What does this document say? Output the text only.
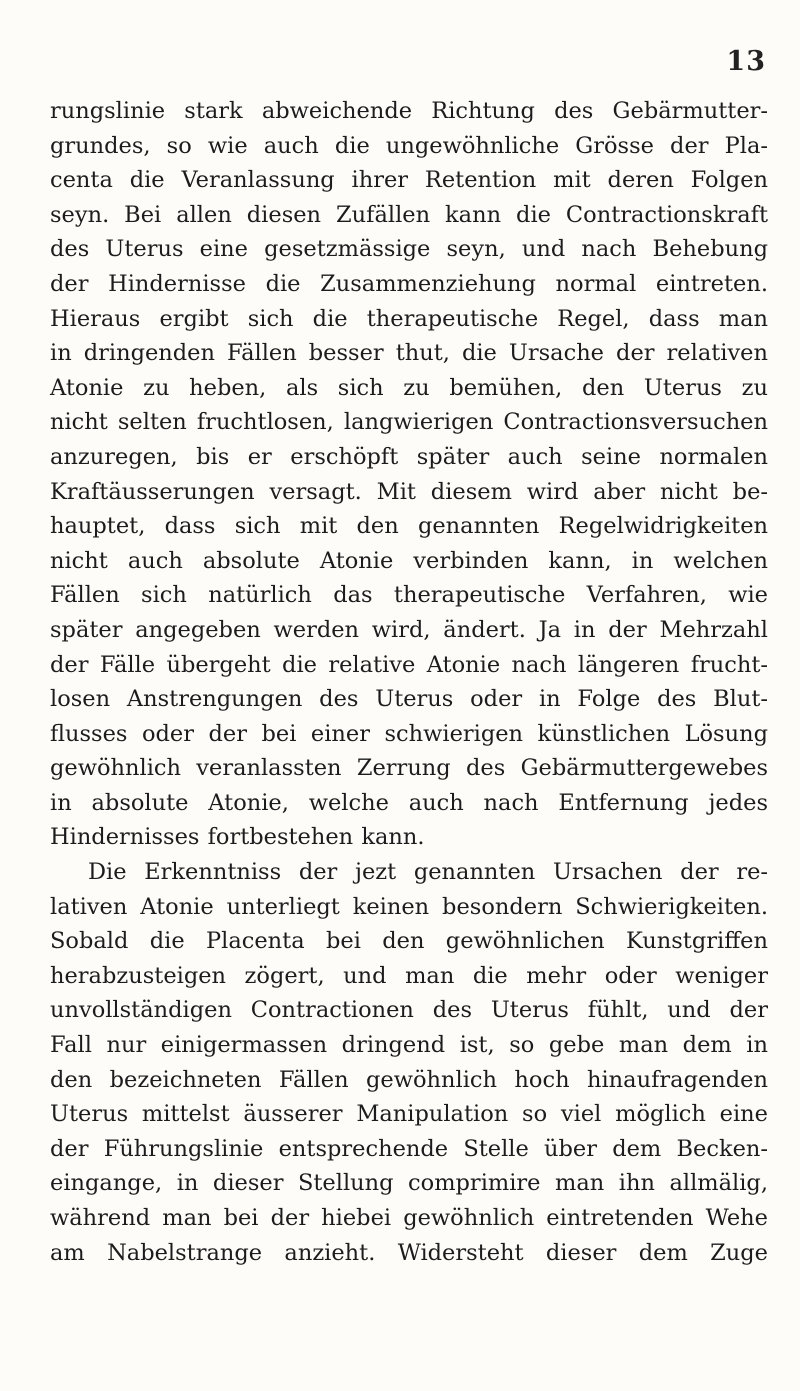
13
rungslinie stark abweichende Richtung des Gebärmutter-
grundes, so wie auch die ungewöhnliche Grösse der Pla-
centa die Veranlassung ihrer Retention mit deren Folgen
seyn. Bei allen diesen Zufällen kann die Contractionskraft
des Uterus eine gesetzmässige seyn, und nach Behebung
der Hindernisse die Zusammenziehung normal eintreten.
Hieraus ergibt sich die therapeutische Regel, dass man
in dringenden Fällen besser thut, die Ursache der relativen
Atonie zu heben, als sich zu bemühen, den Uterus zu
nicht selten fruchtlosen, langwierigen Contractionsversuchen
anzuregen, bis er erschöpft später auch seine normalen
Kraftäusserungen versagt. Mit diesem wird aber nicht be-
hauptet, dass sich mit den genannten Regelwidrigkeiten
nicht auch absolute Atonie verbinden kann, in welchen
Fällen sich natürlich das therapeutische Verfahren, wie
später angegeben werden wird, ändert. Ja in der Mehrzahl
der Fälle übergeht die relative Atonie nach längeren frucht-
losen Anstrengungen des Uterus oder in Folge des Blut-
flusses oder der bei einer schwierigen künstlichen Lösung
gewöhnlich veranlassten Zerrung des Gebärmuttergewebes
in absolute Atonie, welche auch nach Entfernung jedes
Hindernisses fortbestehen kann.
Die Erkenntniss der jezt genannten Ursachen der re-
lativen Atonie unterliegt keinen besondern Schwierigkeiten.
Sobald die Placenta bei den gewöhnlichen Kunstgriffen
herabzusteigen zögert, und man die mehr oder weniger
unvollständigen Contractionen des Uterus fühlt, und der
Fall nur einigermassen dringend ist, so gebe man dem in
den bezeichneten Fällen gewöhnlich hoch hinaufragenden
Uterus mittelst äusserer Manipulation so viel möglich eine
der Führungslinie entsprechende Stelle über dem Becken-
eingange, in dieser Stellung comprimire man ihn allmälig,
während man bei der hiebei gewöhnlich eintretenden Wehe
am Nabelstrange anzieht. Widersteht dieser dem Zuge
